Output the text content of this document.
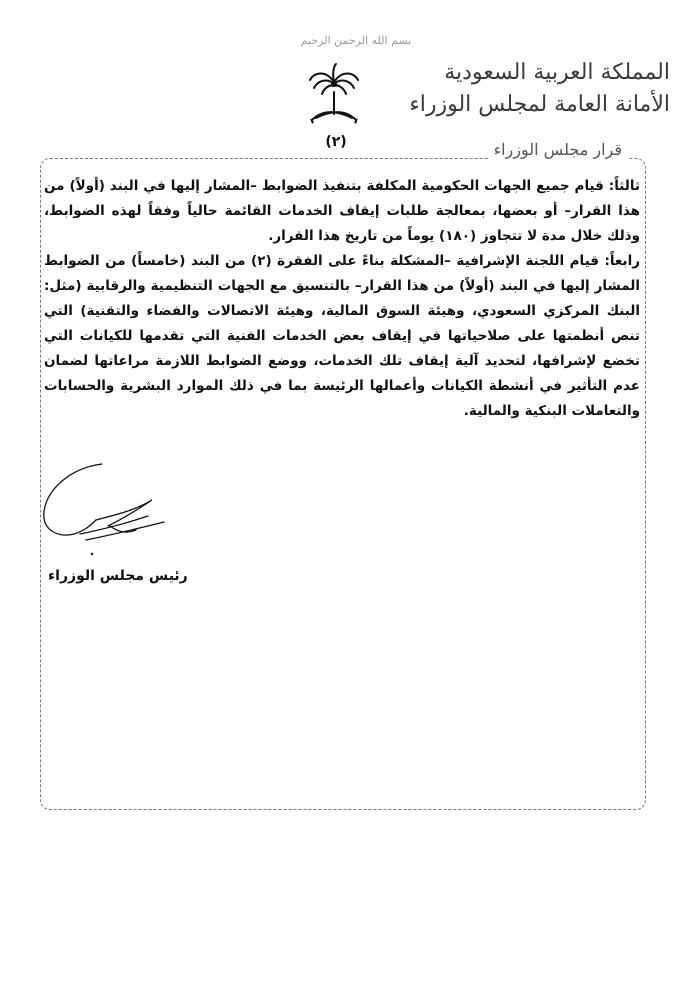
بسم الله الرحمن الرحيم
(٢)
المملكة العربية السعودية
الأمانة العامة لمجلس الوزراء
قرار مجلس الوزراء

ثالثاً: قيام جميع الجهات الحكومية المكلفة بتنفيذ الضوابط –المشار إليها في البند (أولاً) من هذا القرار– أو بعضها، بمعالجة طلبات إيقاف الخدمات القائمة حالياً وفقاً لهذه الضوابط، وذلك خلال مدة لا تتجاوز (١٨٠) يوماً من تاريخ هذا القرار.

رابعاً: قيام اللجنة الإشرافية –المشكلة بناءً على الفقرة (٢) من البند (خامساً) من الضوابط المشار إليها في البند (أولاً) من هذا القرار– بالتنسيق مع الجهات التنظيمية والرقابية (مثل: البنك المركزي السعودي، وهيئة السوق المالية، وهيئة الاتصالات والفضاء والتقنية) التي تنص أنظمتها على صلاحياتها في إيقاف بعض الخدمات الفنية التي تقدمها للكيانات التي تخضع لإشرافها، لتحديد آلية إيقاف تلك الخدمات، ووضع الضوابط اللازمة مراعاتها لضمان عدم التأثير في أنشطة الكيانات وأعمالها الرئيسة بما في ذلك الموارد البشرية والحسابات والتعاملات البنكية والمالية.

رئيس مجلس الوزراء
